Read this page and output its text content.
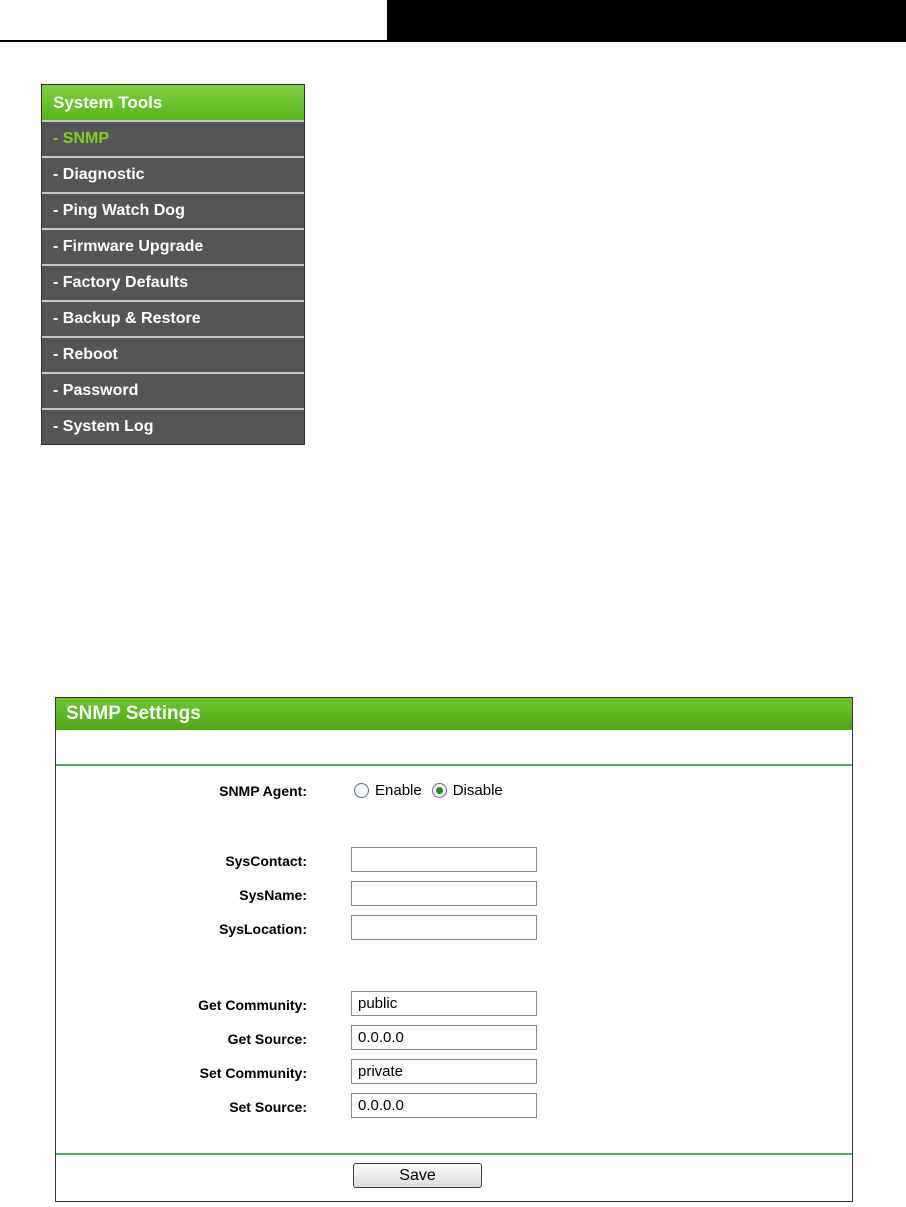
System Tools
- SNMP
- Diagnostic
- Ping Watch Dog
- Firmware Upgrade
- Factory Defaults
- Backup & Restore
- Reboot
- Password
- System Log
SNMP Settings
SNMP Agent:	Enable Disable
SysContact:
SysName:
SysLocation:
Get Community:
public
Get Source:
0.0.0.0
Set Community:
private
Set Source:
0.0.0.0
Save
